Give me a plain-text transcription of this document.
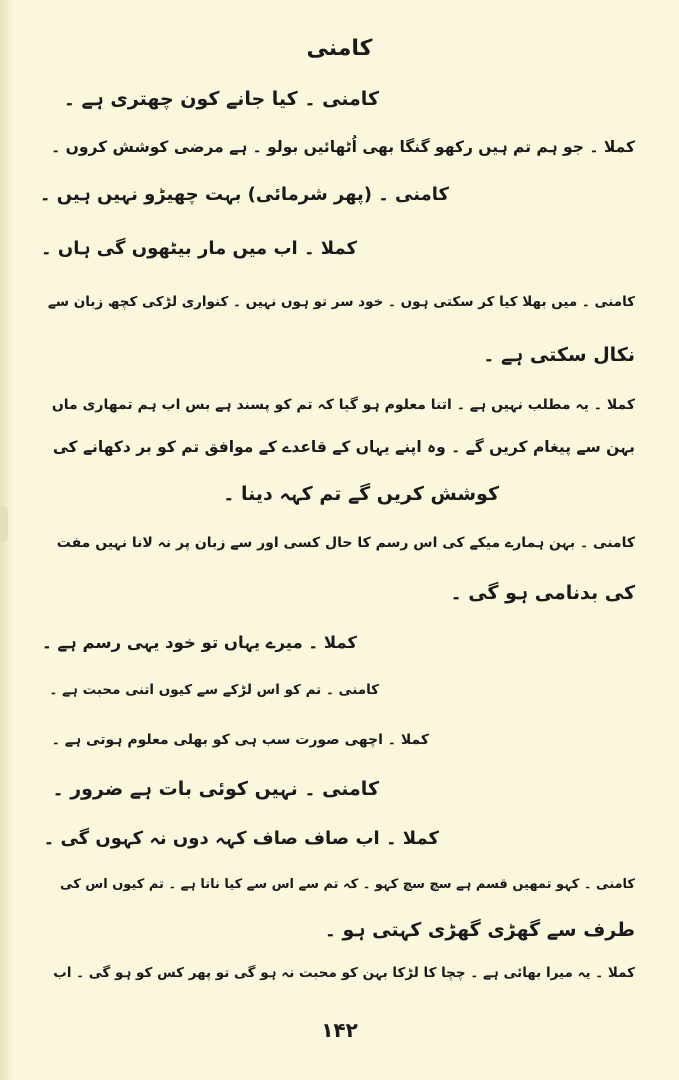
کامنی
کامنی ۔ کیا جانے کون چھتری ہے ۔
کملا ۔ جو ہم تم ہیں رکھو گنگا بھی اُٹھائیں بولو ۔ ہے مرضی کوشش کروں ۔
کامنی ۔ (پھر شرمائی) بہت چھیڑو نہیں ہیں ۔
کملا ۔ اب میں مار بیٹھوں گی ہاں ۔
کامنی ۔ میں بھلا کیا کر سکتی ہوں ۔ خود سر تو ہوں نہیں ۔ کنواری لڑکی کچھ زبان سے
نکال سکتی ہے ۔
کملا ۔ یہ مطلب نہیں ہے ۔ اتنا معلوم ہو گیا کہ تم کو پسند ہے بس اب ہم تمھاری ماں
بہن سے پیغام کریں گے ۔ وہ اپنے یہاں کے قاعدے کے موافق تم کو بر دکھانے کی
کوشش کریں گے تم کہہ دینا ۔
کامنی ۔ بہن ہمارے میکے کی اس رسم کا حال کسی اور سے زبان پر نہ لانا نہیں مفت
کی بدنامی ہو گی ۔
کملا ۔ میرے یہاں تو خود یہی رسم ہے ۔
کامنی ۔ تم کو اس لڑکے سے کیوں اتنی محبت ہے ۔
کملا ۔ اچھی صورت سب ہی کو بھلی معلوم ہوتی ہے ۔
کامنی ۔ نہیں کوئی بات ہے ضرور ۔
کملا ۔ اب صاف صاف کہہ دوں نہ کہوں گی ۔
کامنی ۔ کہو تمھیں قسم ہے سچ سچ کہو ۔ کہ تم سے اس سے کیا ناتا ہے ۔ تم کیوں اس کی
طرف سے گھڑی گھڑی کہتی ہو ۔
کملا ۔ یہ میرا بھائی ہے ۔ چچا کا لڑکا بہن کو محبت نہ ہو گی تو پھر کس کو ہو گی ۔ اب
۱۴۲
